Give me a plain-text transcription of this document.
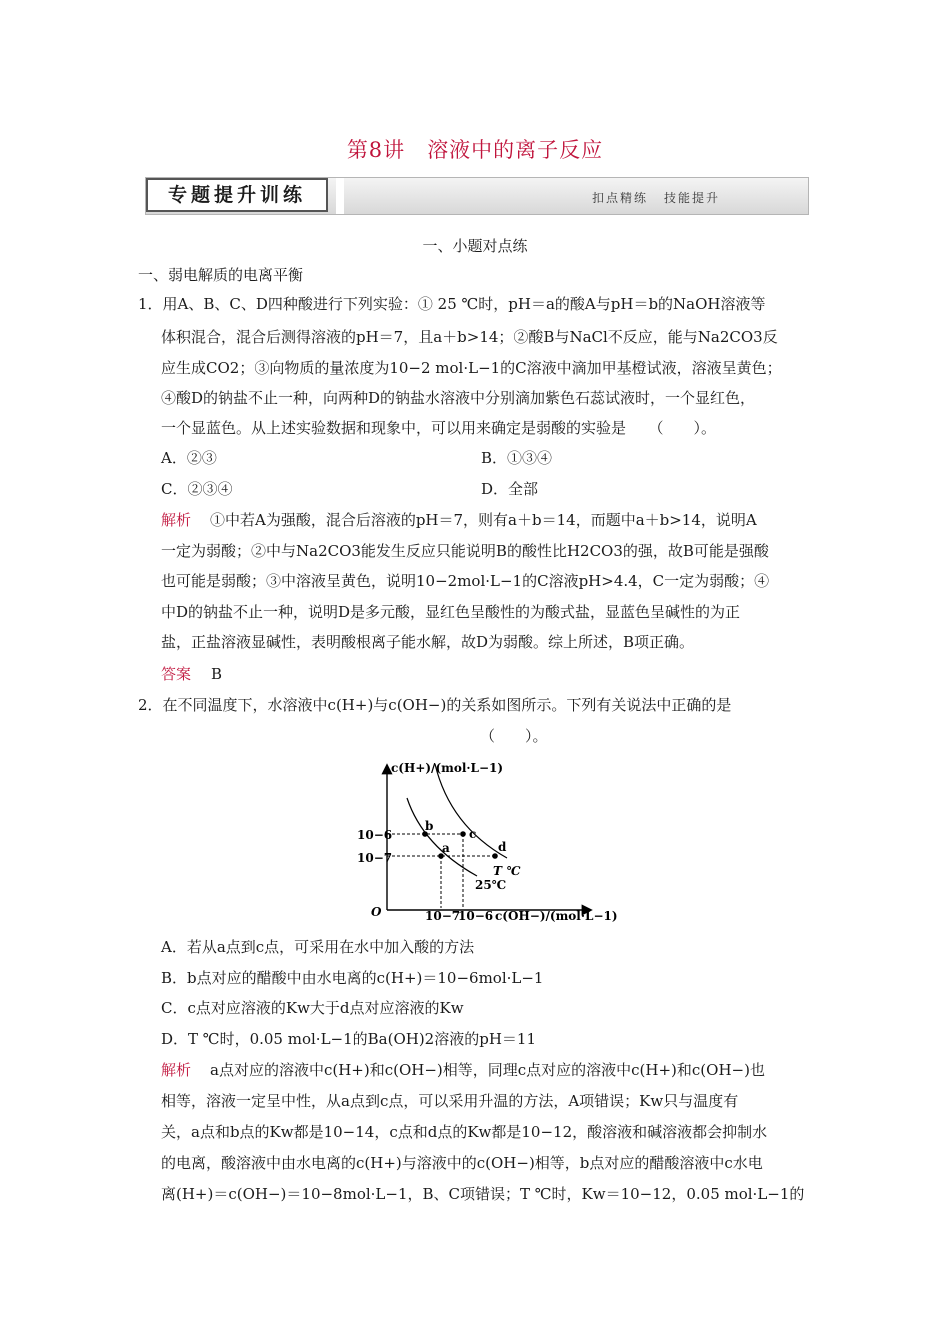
第8讲 溶液中的离子反应
专题提升训练	扣点精练 技能提升
一、小题对点练
一、弱电解质的电离平衡
1．用A、B、C、D四种酸进行下列实验：① 25 ℃时，pH＝a的酸A与pH＝b的NaOH溶液等
体积混合，混合后测得溶液的pH＝7，且a＋b>14；②酸B与NaCl不反应，能与Na2CO3反
应生成CO2；③向物质的量浓度为10−2 mol·L−1的C溶液中滴加甲基橙试液，溶液呈黄色；
④酸D的钠盐不止一种，向两种D的钠盐水溶液中分别滴加紫色石蕊试液时，一个显红色，
一个显蓝色。从上述实验数据和现象中，可以用来确定是弱酸的实验是　　（　　）。
A．②③	B．①③④
C．②③④	D．全部
解析 ①中若A为强酸，混合后溶液的pH＝7，则有a＋b＝14，而题中a＋b>14，说明A
一定为弱酸；②中与Na2CO3能发生反应只能说明B的酸性比H2CO3的强，故B可能是强酸
也可能是弱酸；③中溶液呈黄色，说明10−2mol·L−1的C溶液pH>4.4，C一定为弱酸；④
中D的钠盐不止一种，说明D是多元酸，显红色呈酸性的为酸式盐，显蓝色呈碱性的为正
盐，正盐溶液显碱性，表明酸根离子能水解，故D为弱酸。综上所述，B项正确。
答案 B
2．在不同温度下，水溶液中c(H+)与c(OH−)的关系如图所示。下列有关说法中正确的是
（　　）。
c(H+)/(mol·L−1)
c(OH−)/(mol·L−1)
O
10−6
10−7
10−7
10−6
b
a
c
d
T ℃
25℃
A．若从a点到c点，可采用在水中加入酸的方法
B．b点对应的醋酸中由水电离的c(H+)＝10−6mol·L−1
C．c点对应溶液的Kw大于d点对应溶液的Kw
D．T ℃时，0.05 mol·L−1的Ba(OH)2溶液的pH＝11
解析 a点对应的溶液中c(H+)和c(OH−)相等，同理c点对应的溶液中c(H+)和c(OH−)也
相等，溶液一定呈中性，从a点到c点，可以采用升温的方法，A项错误；Kw只与温度有
关，a点和b点的Kw都是10−14，c点和d点的Kw都是10−12，酸溶液和碱溶液都会抑制水
的电离，酸溶液中由水电离的c(H+)与溶液中的c(OH−)相等，b点对应的醋酸溶液中c水电
离(H+)＝c(OH−)＝10−8mol·L−1，B、C项错误；T ℃时，Kw＝10−12，0.05 mol·L−1的
